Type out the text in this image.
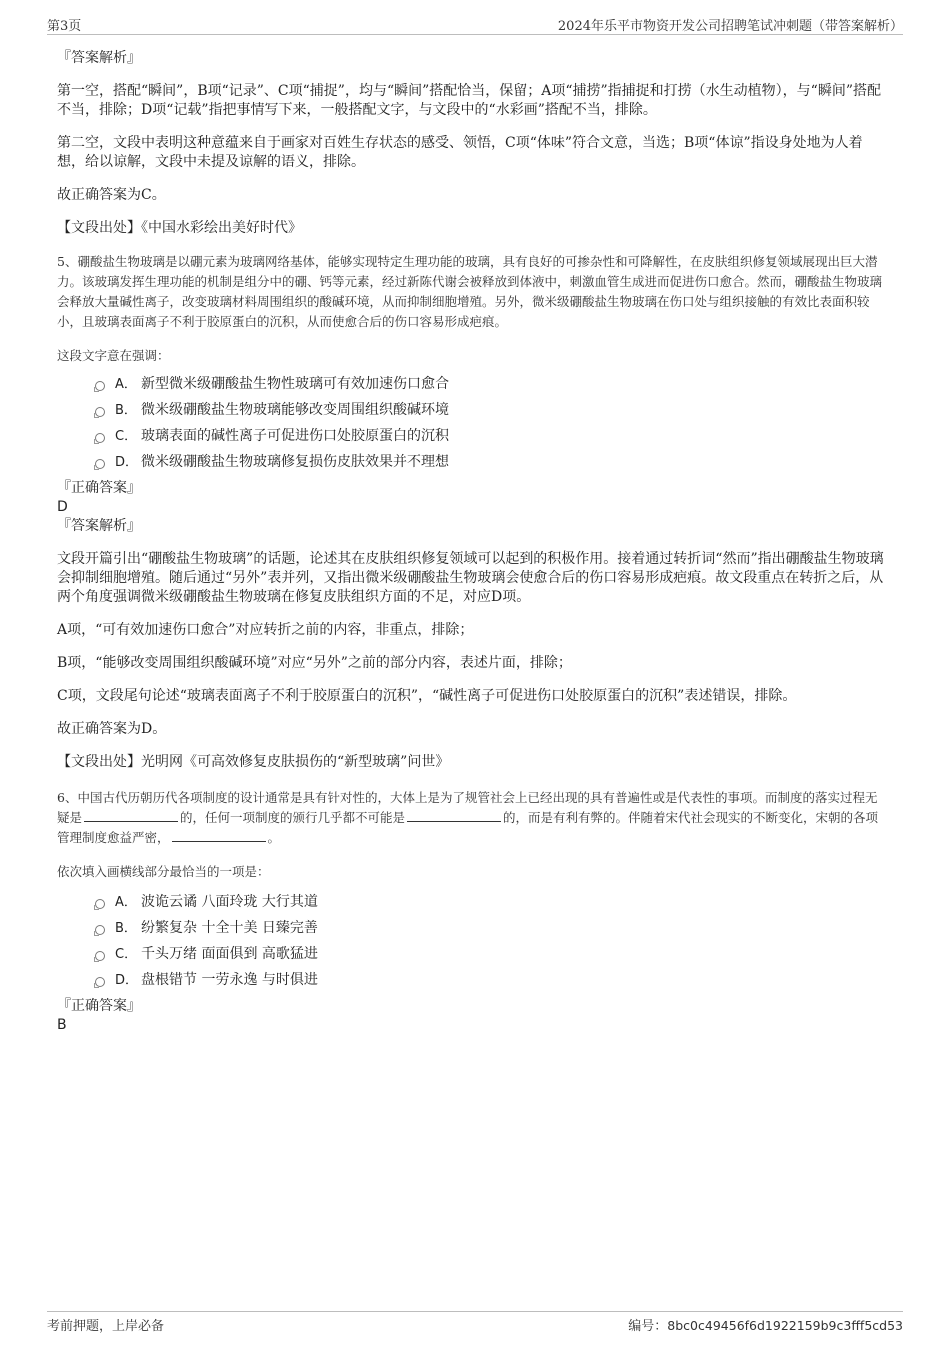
第3页	2024年乐平市物资开发公司招聘笔试冲刺题（带答案解析）

『答案解析』

第一空，搭配“瞬间”，B项“记录”、C项“捕捉”，均与“瞬间”搭配恰当，保留；A项“捕捞”指捕捉和打捞（水生动植物），与“瞬间”搭配不当，排除；D项“记载”指把事情写下来，一般搭配文字，与文段中的“水彩画”搭配不当，排除。

第二空，文段中表明这种意蕴来自于画家对百姓生存状态的感受、领悟，C项“体味”符合文意，当选；B项“体谅”指设身处地为人着想，给以谅解，文段中未提及谅解的语义，排除。

故正确答案为C。

【文段出处】《中国水彩绘出美好时代》

5、硼酸盐生物玻璃是以硼元素为玻璃网络基体，能够实现特定生理功能的玻璃，具有良好的可掺杂性和可降解性，在皮肤组织修复领域展现出巨大潜力。该玻璃发挥生理功能的机制是组分中的硼、钙等元素，经过新陈代谢会被释放到体液中，刺激血管生成进而促进伤口愈合。然而，硼酸盐生物玻璃会释放大量碱性离子，改变玻璃材料周围组织的酸碱环境，从而抑制细胞增殖。另外，微米级硼酸盐生物玻璃在伤口处与组织接触的有效比表面积较小，且玻璃表面离子不利于胶原蛋白的沉积，从而使愈合后的伤口容易形成疤痕。

这段文字意在强调：

A． 新型微米级硼酸盐生物性玻璃可有效加速伤口愈合
B． 微米级硼酸盐生物玻璃能够改变周围组织酸碱环境
C． 玻璃表面的碱性离子可促进伤口处胶原蛋白的沉积
D． 微米级硼酸盐生物玻璃修复损伤皮肤效果并不理想

『正确答案』

D

『答案解析』

文段开篇引出“硼酸盐生物玻璃”的话题，论述其在皮肤组织修复领域可以起到的积极作用。接着通过转折词“然而”指出硼酸盐生物玻璃会抑制细胞增殖。随后通过“另外”表并列，又指出微米级硼酸盐生物玻璃会使愈合后的伤口容易形成疤痕。故文段重点在转折之后，从两个角度强调微米级硼酸盐生物玻璃在修复皮肤组织方面的不足，对应D项。

A项，“可有效加速伤口愈合”对应转折之前的内容，非重点，排除；

B项，“能够改变周围组织酸碱环境”对应“另外”之前的部分内容，表述片面，排除；

C项，文段尾句论述“玻璃表面离子不利于胶原蛋白的沉积”，“碱性离子可促进伤口处胶原蛋白的沉积”表述错误，排除。

故正确答案为D。

【文段出处】光明网《可高效修复皮肤损伤的“新型玻璃”问世》

6、中国古代历朝历代各项制度的设计通常是具有针对性的，大体上是为了规管社会上已经出现的具有普遍性或是代表性的事项。而制度的落实过程无疑是	的，任何一项制度的颁行几乎都不可能是	的，而是有利有弊的。伴随着宋代社会现实的不断变化，宋朝的各项管理制度愈益严密，	。

依次填入画横线部分最恰当的一项是：

A． 波诡云谲 八面玲珑 大行其道
B． 纷繁复杂 十全十美 日臻完善
C． 千头万绪 面面俱到 高歌猛进
D． 盘根错节 一劳永逸 与时俱进

『正确答案』

B

考前押题，上岸必备	编号：8bc0c49456f6d1922159b9c3fff5cd53
